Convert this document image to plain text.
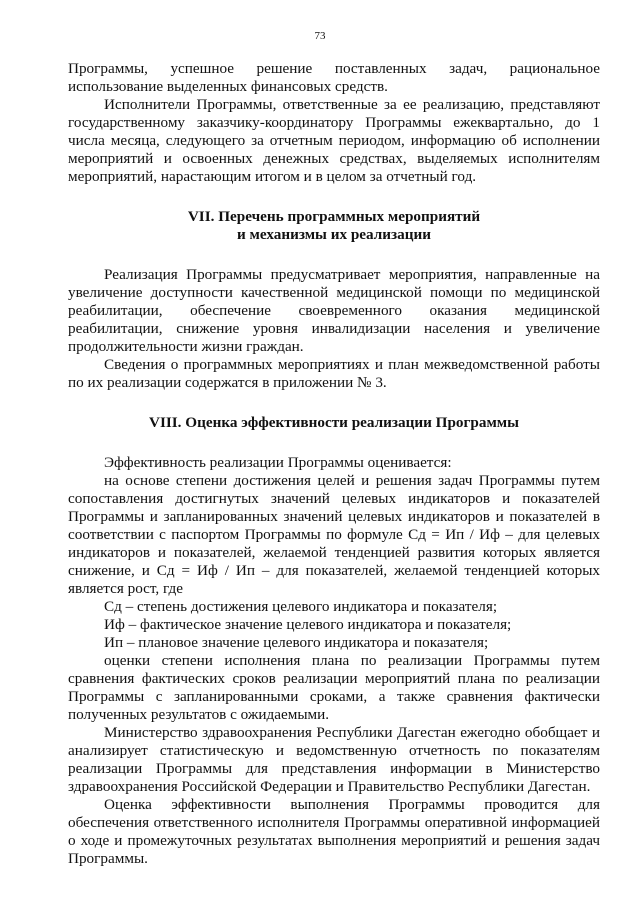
73

Программы, успешное решение поставленных задач, рациональное использование выделенных финансовых средств.

Исполнители Программы, ответственные за ее реализацию, представляют государственному заказчику-координатору Программы ежеквартально, до 1 числа месяца, следующего за отчетным периодом, информацию об исполнении мероприятий и освоенных денежных средствах, выделяемых исполнителям мероприятий, нарастающим итогом и в целом за отчетный год.

VII. Перечень программных мероприятий
и механизмы их реализации

Реализация Программы предусматривает мероприятия, направленные на увеличение доступности качественной медицинской помощи по медицинской реабилитации, обеспечение своевременного оказания медицинской реабилитации, снижение уровня инвалидизации населения и увеличение продолжительности жизни граждан.

Сведения о программных мероприятиях и план межведомственной работы по их реализации содержатся в приложении № 3.

VIII. Оценка эффективности реализации Программы

Эффективность реализации Программы оценивается:

на основе степени достижения целей и решения задач Программы путем сопоставления достигнутых значений целевых индикаторов и показателей Программы и запланированных значений целевых индикаторов и показателей в соответствии с паспортом Программы по формуле Сд = Ип / Иф – для целевых индикаторов и показателей, желаемой тенденцией развития которых является снижение, и Сд = Иф / Ип – для показателей, желаемой тенденцией которых является рост, где

Сд – степень достижения целевого индикатора и показателя;

Иф – фактическое значение целевого индикатора и показателя;

Ип – плановое значение целевого индикатора и показателя;

оценки степени исполнения плана по реализации Программы путем сравнения фактических сроков реализации мероприятий плана по реализации Программы с запланированными сроками, а также сравнения фактически полученных результатов с ожидаемыми.

Министерство здравоохранения Республики Дагестан ежегодно обобщает и анализирует статистическую и ведомственную отчетность по показателям реализации Программы для представления информации в Министерство здравоохранения Российской Федерации и Правительство Республики Дагестан.

Оценка эффективности выполнения Программы проводится для обеспечения ответственного исполнителя Программы оперативной информацией о ходе и промежуточных результатах выполнения мероприятий и решения задач Программы.
